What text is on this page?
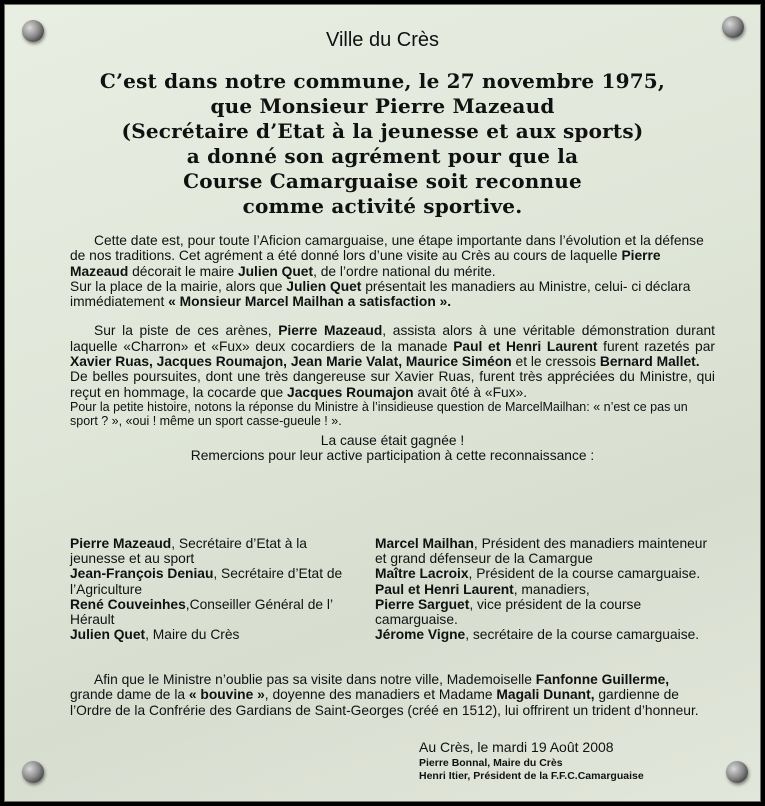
Ville du Crès
C’est dans notre commune, le 27 novembre 1975,
que Monsieur Pierre Mazeaud
(Secrétaire d’Etat à la jeunesse et aux sports)
a donné son agrément pour que la
Course Camarguaise soit reconnue
comme activité sportive.

Cette date est, pour toute l’Aficion camarguaise, une étape importante dans l’évolution et la défense de nos traditions. Cet agrément a été donné lors d’une visite au Crès au cours de laquelle Pierre Mazeaud décorait le maire Julien Quet, de l’ordre national du mérite.

Sur la place de la mairie, alors que Julien Quet présentait les manadiers au Ministre, celui- ci déclara immédiatement « Monsieur Marcel Mailhan a satisfaction ».

Sur la piste de ces arènes, Pierre Mazeaud, assista alors à une véritable démonstration durant laquelle «Charron» et «Fux» deux cocardiers de la manade Paul et Henri Laurent furent razetés par Xavier Ruas, Jacques Roumajon, Jean Marie Valat, Maurice Siméon et le cressois Bernard Mallet.

De belles poursuites, dont une très dangereuse sur Xavier Ruas, furent très appréciées du Ministre, qui reçut en hommage, la cocarde que Jacques Roumajon avait ôté à «Fux».

Pour la petite histoire, notons la réponse du Ministre à l’insidieuse question de MarcelMailhan: « n’est ce pas un sport ? », «oui ! même un sport casse-gueule ! ».

La cause était gagnée !

Remercions pour leur active participation à cette reconnaissance :

Pierre Mazeaud, Secrétaire d’Etat à la jeunesse et au sport
Jean-François Deniau, Secrétaire d’Etat de l’Agriculture
René Couveinhes,Conseiller Général de l’ Hérault
Julien Quet, Maire du Crès
Marcel Mailhan, Président des manadiers mainteneur et grand défenseur de la Camargue
Maître Lacroix, Président de la course camarguaise.
Paul et Henri Laurent, manadiers,
Pierre Sarguet, vice président de la course camarguaise.
Jérome Vigne, secrétaire de la course camarguaise.

Afin que le Ministre n’oublie pas sa visite dans notre ville, Mademoiselle Fanfonne Guillerme, grande dame de la « bouvine », doyenne des manadiers et Madame Magali Dunant, gardienne de l’Ordre de la Confrérie des Gardians de Saint-Georges (créé en 1512), lui offrirent un trident d’honneur.

Au Crès, le mardi 19 Août 2008
Pierre Bonnal, Maire du Crès
Henri Itier, Président de la F.F.C.Camarguaise
